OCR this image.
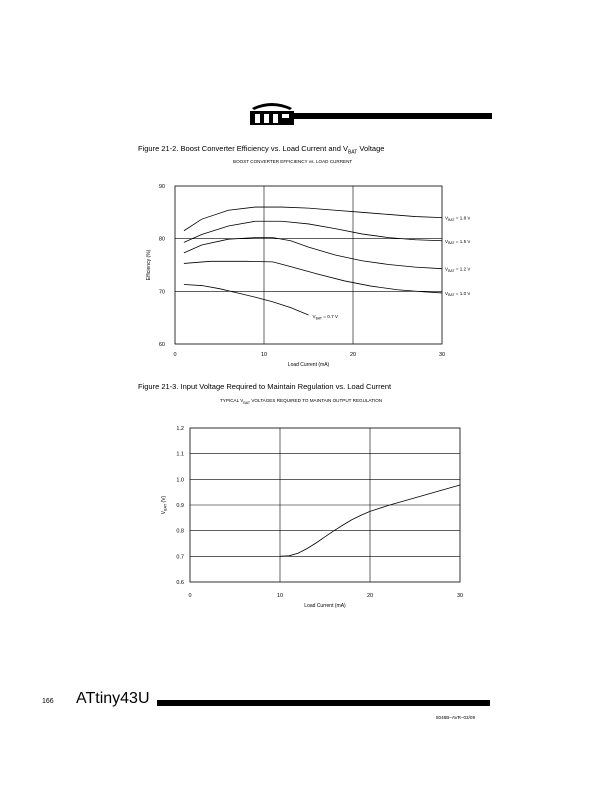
Figure 21-2. Boost Converter Efficiency vs. Load Current and $V_{BAT}$ Voltage
BOOST CONVERTER EFFICIENCY vs. LOAD CURRENT
60
70
80
90
0	10	20	30
Load Current (mA)
Efficiency (%)
$V_{BAT} = 1.8$ V
$V_{BAT} = 1.5$ V
$V_{BAT} = 1.2$ V
$V_{BAT} = 1.0$ V
$V_{BAT} = 0.7$ V
Figure 21-3. Input Voltage Required to Maintain Regulation vs. Load Current
TYPICAL $V_{BAT}$ VOLTAGES REQUIRED TO MAINTAIN OUTPUT REGULATION
0.6
0.7
0.8
0.9
1.0
1.1
1.2
0	10	20	30
Load Current (mA)
$V_{BAT}$ (V)
166 ATtiny43U
8048B–AVR–03/09
